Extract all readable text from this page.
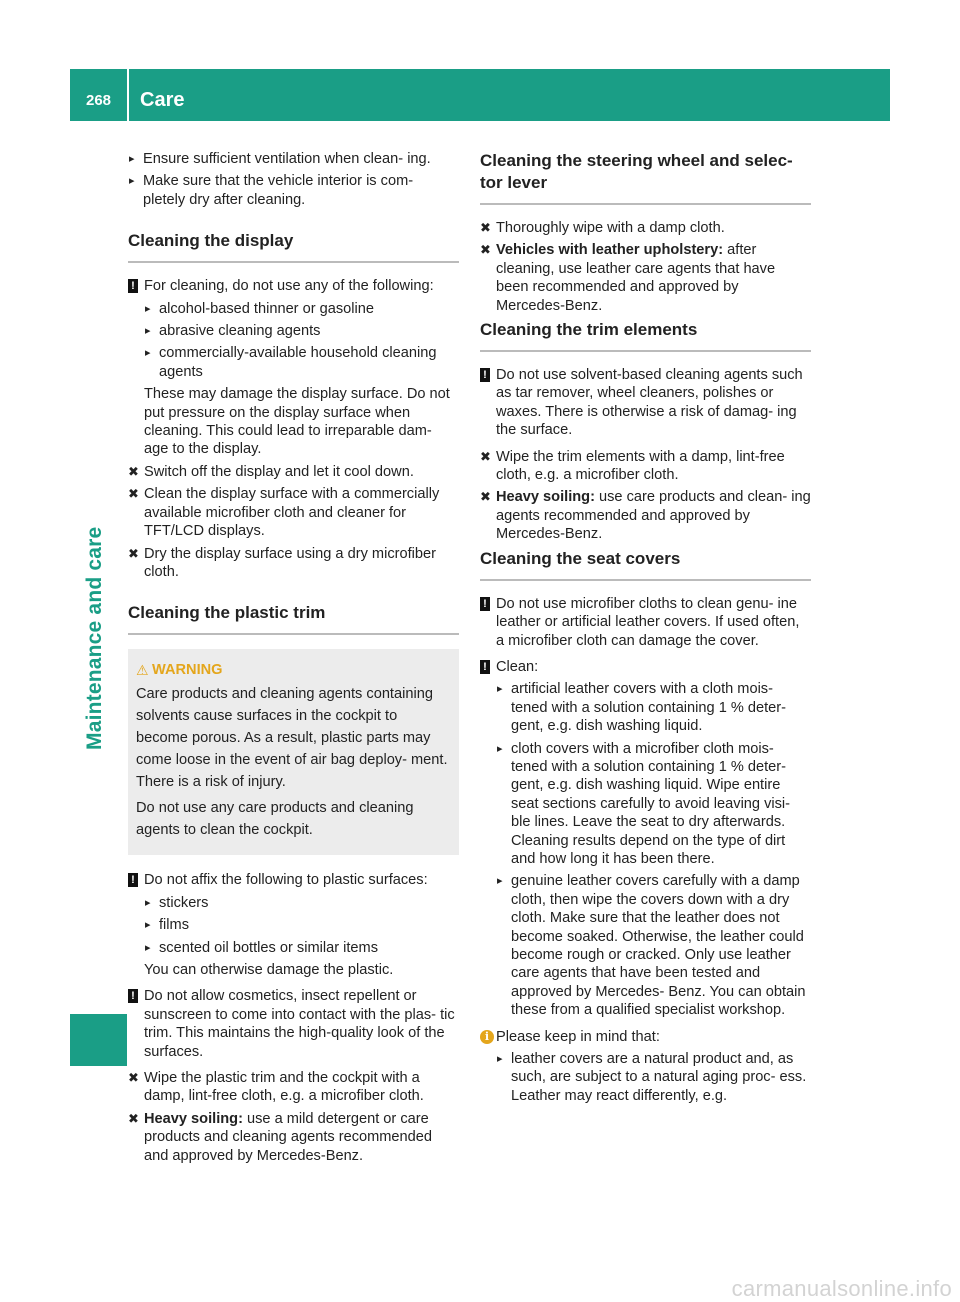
268	Care
Maintenance and care
▸ Ensure sufficient ventilation when clean- ing.
▸ Make sure that the vehicle interior is com- pletely dry after cleaning.
Cleaning the display
! For cleaning, do not use any of the following:
▸ alcohol-based thinner or gasoline
▸ abrasive cleaning agents
▸ commercially-available household cleaning agents
These may damage the display surface. Do not put pressure on the display surface when cleaning. This could lead to irreparable dam- age to the display.
✖ Switch off the display and let it cool down.
✖ Clean the display surface with a commercially available microfiber cloth and cleaner for TFT/LCD displays.
✖ Dry the display surface using a dry microfiber cloth.
Cleaning the plastic trim
⚠ WARNING

Care products and cleaning agents containing solvents cause surfaces in the cockpit to become porous. As a result, plastic parts may come loose in the event of air bag deploy- ment. There is a risk of injury.

Do not use any care products and cleaning agents to clean the cockpit.

! Do not affix the following to plastic surfaces:
▸ stickers
▸ films
▸ scented oil bottles or similar items
You can otherwise damage the plastic.
! Do not allow cosmetics, insect repellent or sunscreen to come into contact with the plas- tic trim. This maintains the high-quality look of the surfaces.
✖ Wipe the plastic trim and the cockpit with a damp, lint-free cloth, e.g. a microfiber cloth.
✖ Heavy soiling: use a mild detergent or care products and cleaning agents recommended and approved by Mercedes-Benz.
Cleaning the steering wheel and selec- tor lever
✖ Thoroughly wipe with a damp cloth.
✖ Vehicles with leather upholstery: after cleaning, use leather care agents that have been recommended and approved by Mercedes-Benz.
Cleaning the trim elements
! Do not use solvent-based cleaning agents such as tar remover, wheel cleaners, polishes or waxes. There is otherwise a risk of damag- ing the surface.
✖ Wipe the trim elements with a damp, lint-free cloth, e.g. a microfiber cloth.
✖ Heavy soiling: use care products and clean- ing agents recommended and approved by Mercedes-Benz.
Cleaning the seat covers
! Do not use microfiber cloths to clean genu- ine leather or artificial leather covers. If used often, a microfiber cloth can damage the cover.
! Clean:
▸ artificial leather covers with a cloth mois- tened with a solution containing 1 % deter- gent, e.g. dish washing liquid.
▸ cloth covers with a microfiber cloth mois- tened with a solution containing 1 % deter- gent, e.g. dish washing liquid. Wipe entire seat sections carefully to avoid leaving visi- ble lines. Leave the seat to dry afterwards. Cleaning results depend on the type of dirt and how long it has been there.
▸ genuine leather covers carefully with a damp cloth, then wipe the covers down with a dry cloth. Make sure that the leather does not become soaked. Otherwise, the leather could become rough or cracked. Only use leather care agents that have been tested and approved by Mercedes- Benz. You can obtain these from a qualified specialist workshop.
i Please keep in mind that:
▸ leather covers are a natural product and, as such, are subject to a natural aging proc- ess. Leather may react differently, e.g.
carmanualsonline.info
